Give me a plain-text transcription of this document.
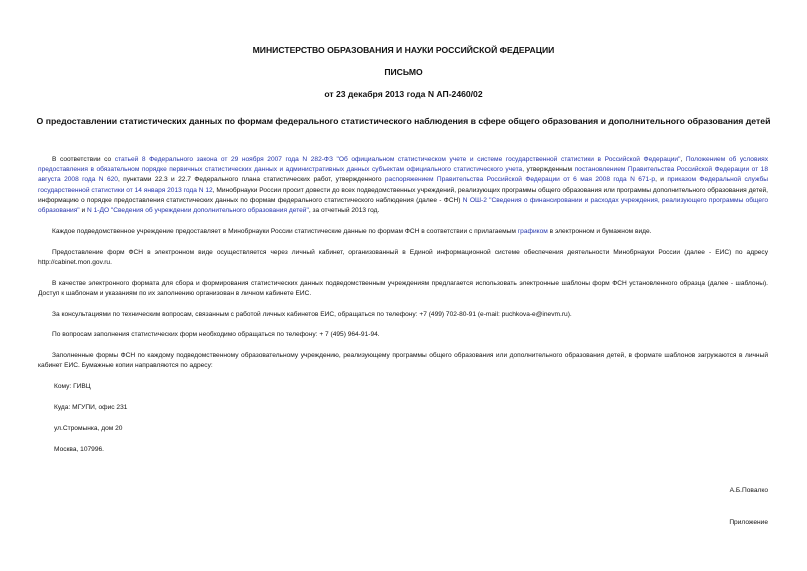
МИНИСТЕРСТВО ОБРАЗОВАНИЯ И НАУКИ РОССИЙСКОЙ ФЕДЕРАЦИИ
ПИСЬМО
от 23 декабря 2013 года N АП-2460/02
О предоставлении статистических данных по формам федерального статистического наблюдения в сфере общего образования и дополнительного образования детей
В соответствии со статьей 8 Федерального закона от 29 ноября 2007 года N 282-ФЗ "Об официальном статистическом учете и системе государственной статистики в Российской Федерации", Положением об условиях предоставления в обязательном порядке первичных статистических данных и административных данных субъектам официального статистического учета, утвержденным постановлением Правительства Российской Федерации от 18 августа 2008 года N 620, пунктами 22.3 и 22.7 Федерального плана статистических работ, утвержденного распоряжением Правительства Российской Федерации от 6 мая 2008 года N 671-р, и приказом Федеральной службы государственной статистики от 14 января 2013 года N 12, Минобрнауки России просит довести до всех подведомственных учреждений, реализующих программы общего образования или программы дополнительного образования детей, информацию о порядке предоставления статистических данных по формам федерального статистического наблюдения (далее - ФСН) N ОШ-2 "Сведения о финансировании и расходах учреждения, реализующего программы общего образования" и N 1-ДО "Сведения об учреждении дополнительного образования детей", за отчетный 2013 год.
Каждое подведомственное учреждение предоставляет в Минобрнауки России статистические данные по формам ФСН в соответствии с прилагаемым графиком в электронном и бумажном виде.
Предоставление форм ФСН в электронном виде осуществляется через личный кабинет, организованный в Единой информационной системе обеспечения деятельности Минобрнауки России (далее - ЕИС) по адресу http://cabinet.mon.gov.ru.
В качестве электронного формата для сбора и формирования статистических данных подведомственным учреждениям предлагается использовать электронные шаблоны форм ФСН установленного образца (далее - шаблоны). Доступ к шаблонам и указаниям по их заполнению организован в личном кабинете ЕИС.
За консультациями по техническим вопросам, связанным с работой личных кабинетов ЕИС, обращаться по телефону: +7 (499) 702-80-91 (e-mail: puchkova-e@inevm.ru).
По вопросам заполнения статистических форм необходимо обращаться по телефону: + 7 (495) 964-91-94.
Заполненные формы ФСН по каждому подведомственному образовательному учреждению, реализующему программы общего образования или дополнительного образования детей, в формате шаблонов загружаются в личный кабинет ЕИС. Бумажные копии направляются по адресу:
Кому: ГИВЦ
Куда: МГУПИ, офис 231
ул.Стромынка, дом 20
Москва, 107996.
А.Б.Повалко
Приложение
